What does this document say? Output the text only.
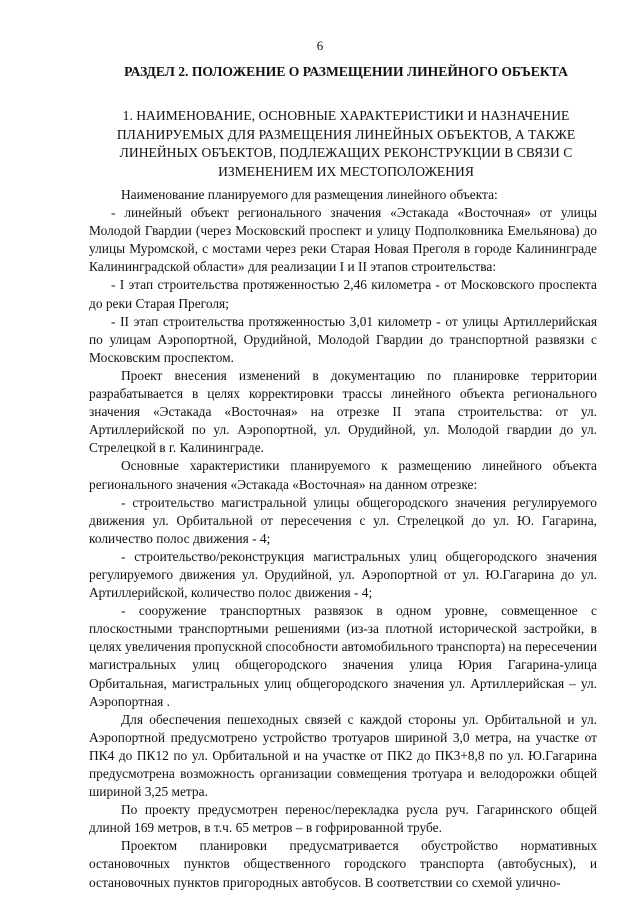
6
РАЗДЕЛ 2. ПОЛОЖЕНИЕ О РАЗМЕЩЕНИИ ЛИНЕЙНОГО ОБЪЕКТА
1. НАИМЕНОВАНИЕ, ОСНОВНЫЕ ХАРАКТЕРИСТИКИ И НАЗНАЧЕНИЕ ПЛАНИРУЕМЫХ ДЛЯ РАЗМЕЩЕНИЯ ЛИНЕЙНЫХ ОБЪЕКТОВ, А ТАКЖЕ ЛИНЕЙНЫХ ОБЪЕКТОВ, ПОДЛЕЖАЩИХ РЕКОНСТРУКЦИИ В СВЯЗИ С ИЗМЕНЕНИЕМ ИХ МЕСТОПОЛОЖЕНИЯ

Наименование планируемого для размещения линейного объекта:

- линейный объект регионального значения «Эстакада «Восточная» от улицы Молодой Гвардии (через Московский проспект и улицу Подполковника Емельянова) до улицы Муромской, с мостами через реки Старая Новая Преголя в городе Калининграде Калининградской области» для реализации I и II этапов строительства:

- I этап строительства протяженностью 2,46 километра - от Московского проспекта до реки Старая Преголя;

- II этап строительства протяженностью 3,01 километр - от улицы Артиллерийская по улицам Аэропортной, Орудийной, Молодой Гвардии до транспортной развязки с Московским проспектом.

Проект внесения изменений в документацию по планировке территории разрабатывается в целях корректировки трассы линейного объекта регионального значения «Эстакада «Восточная» на отрезке II этапа строительства: от ул. Артиллерийской по ул. Аэропортной, ул. Орудийной, ул. Молодой гвардии до ул. Стрелецкой в г. Калининграде.

Основные характеристики планируемого к размещению линейного объекта регионального значения «Эстакада «Восточная» на данном отрезке:

- строительство магистральной улицы общегородского значения регулируемого движения ул. Орбитальной от пересечения с ул. Стрелецкой до ул. Ю. Гагарина, количество полос движения - 4;

- строительство/реконструкция магистральных улиц общегородского значения регулируемого движения ул. Орудийной, ул. Аэропортной от ул. Ю.Гагарина до ул. Артиллерийской, количество полос движения - 4;

- сооружение транспортных развязок в одном уровне, совмещенное с плоскостными транспортными решениями (из-за плотной исторической застройки, в целях увеличения пропускной способности автомобильного транспорта) на пересечении магистральных улиц общегородского значения улица Юрия Гагарина-улица Орбитальная, магистральных улиц общегородского значения ул. Артиллерийская – ул. Аэропортная .

Для обеспечения пешеходных связей с каждой стороны ул. Орбитальной и ул. Аэропортной предусмотрено устройство тротуаров шириной 3,0 метра, на участке от ПК4 до ПК12 по ул. Орбитальной и на участке от ПК2 до ПК3+8,8 по ул. Ю.Гагарина предусмотрена возможность организации совмещения тротуара и велодорожки общей шириной 3,25 метра.

По проекту предусмотрен перенос/перекладка русла руч. Гагаринского общей длиной 169 метров, в т.ч. 65 метров – в гофрированной трубе.

Проектом планировки предусматривается обустройство нормативных остановочных пунктов общественного городского транспорта (автобусных), и остановочных пунктов пригородных автобусов. В соответствии со схемой улично-
